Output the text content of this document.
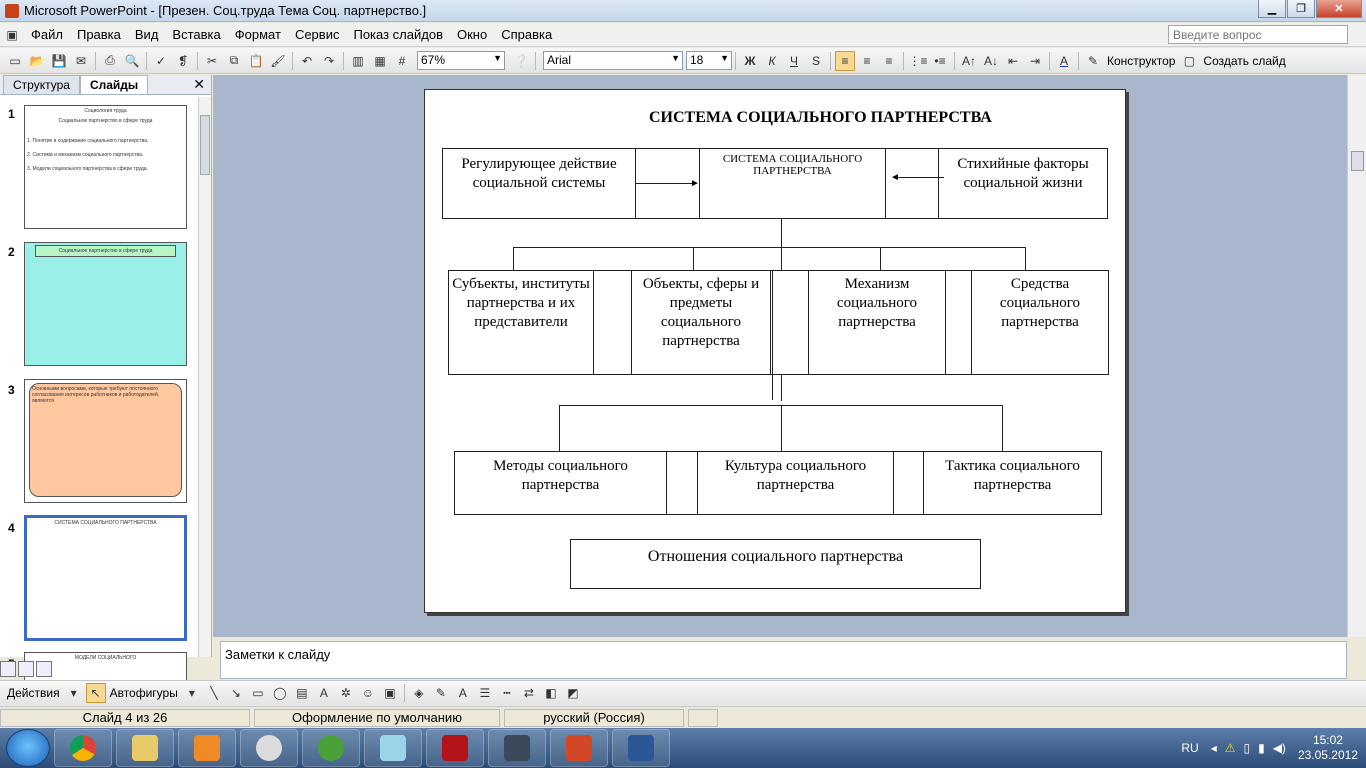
Microsoft PowerPoint - [Презен. Соц.труда Тема Соц. партнерство.]	▁	❐	✕
▣	Файл	Правка	Вид	Вставка	Формат	Сервис	Показ слайдов	Окно	Справка
Введите вопрос
▭ 📂 💾 ✉	⎙ 🔍	✓ ❡	✂	⧉ 📋 🖌	↶ ↷	▥ ▦	#	67%	▼ ❔	Arial	▼ 18 ▼	Ж	К	Ч	S	≡	≡	≡	⋮≡ •≡	A↑ A↓ ⇤ ⇥	A	✎ Конструктор ▢ Создать слайд
Структура	Слайды	✕
1	Социология труда
Социальное партнерство в сфере труда
1. Понятие и содержание социального партнерства.
2. Система и механизм социального партнерства.
3. Модели социального партнерства в сфере труда.
2	Социальное партнерство в сфере труда
3	Основными вопросами, которые требуют постоянного согласования интересов работников и работодателей, являются
4	СИСТЕМА СОЦИАЛЬНОГО ПАРТНЕРСТВА
МОДЕЛИ СОЦИАЛЬНОГО
СИСТЕМА СОЦИАЛЬНОГО ПАРТНЕРСТВА
Регулирующее действие социальной системы
СИСТЕМА СОЦИАЛЬНОГО ПАРТНЕРСТВА	Стихийные факторы социальной жизни
►
◄
Субъекты, институты партнерства и их представители
Объекты, сферы и предметы социального партнерства
Механизм социального партнерства
Средства социального партнерства
Методы социального партнерства
Культура социального партнерства
Тактика социального партнерства
Отношения социального партнерства
Заметки к слайду
Действия ▾	↖ Автофигуры ▾	╲	↘ ▭ ◯ ▤	A	✲ ☺ ▣	◈	✎	A	☰	┅	⇄ ◧ ◩
Слайд 4 из 26	Оформление по умолчанию	русский (Россия)
RU ◂ ⚠ ▯ ▮ ◀)
15:02
23.05.2012
